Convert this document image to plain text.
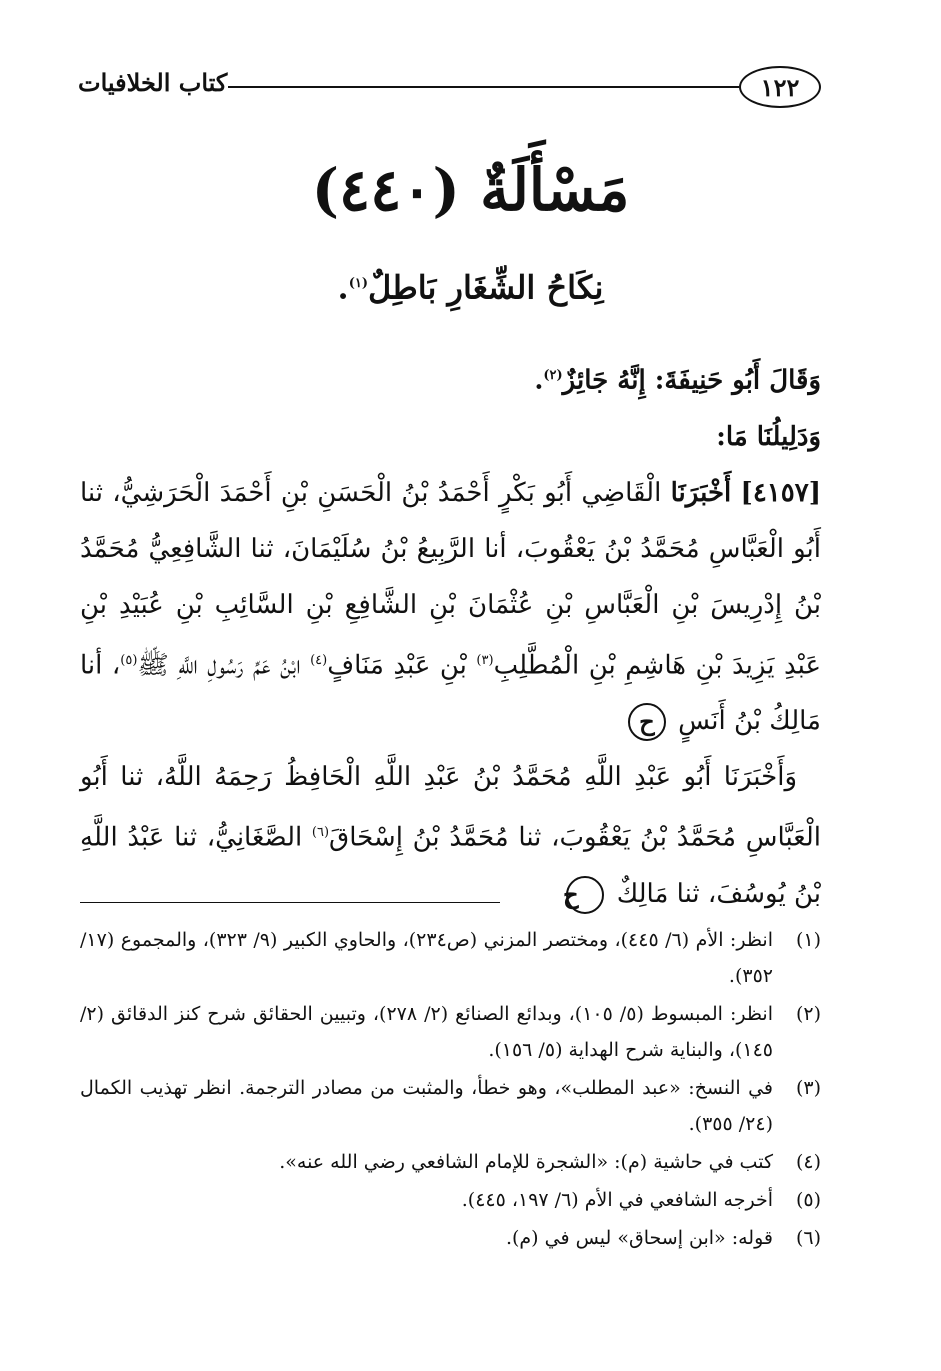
١٢٢
كتاب الخلافيات
مَسْأَلَةٌ (٤٤٠)
نِكَاحُ الشِّغَارِ بَاطِلٌ$^{(١)}$.

وَقَالَ أَبُو حَنِيفَةَ: إِنَّهُ جَائِزٌ$^{(٢)}$.

وَدَلِيلُنَا مَا:

[٤١٥٧] أَخْبَرَنَا الْقَاضِي أَبُو بَكْرٍ أَحْمَدُ بْنُ الْحَسَنِ بْنِ أَحْمَدَ الْحَرَشِيُّ، ثنا أَبُو الْعَبَّاسِ مُحَمَّدُ بْنُ يَعْقُوبَ، أنا الرَّبِيعُ بْنُ سُلَيْمَانَ، ثنا الشَّافِعِيُّ مُحَمَّدُ بْنُ إِدْرِيسَ بْنِ الْعَبَّاسِ بْنِ عُثْمَانَ بْنِ الشَّافِعِ بْنِ السَّائِبِ بْنِ عُبَيْدِ بْنِ عَبْدِ يَزِيدَ بْنِ هَاشِمِ بْنِ الْمُطَّلِبِ$^{(٣)}$ بْنِ عَبْدِ مَنَافٍ$^{(٤)}$ ابْنُ عَمِّ رَسُولِ اللَّهِ ﷺ$^{(٥)}$، أنا مَالِكُ بْنُ أَنَسٍ ح

وَأَخْبَرَنَا أَبُو عَبْدِ اللَّهِ مُحَمَّدُ بْنُ عَبْدِ اللَّهِ الْحَافِظُ رَحِمَهُ اللَّهُ، ثنا أَبُو الْعَبَّاسِ مُحَمَّدُ بْنُ يَعْقُوبَ، ثنا مُحَمَّدُ بْنُ إِسْحَاقَ$^{(٦)}$ الصَّغَانِيُّ، ثنا عَبْدُ اللَّهِ بْنُ يُوسُفَ، ثنا مَالِكٌ ح

(١)
انظر: الأم (٦/ ٤٤٥)، ومختصر المزني (ص٢٣٤)، والحاوي الكبير (٩/ ٣٢٣)، والمجموع (١٧/ ٣٥٢).
(٢)
انظر: المبسوط (٥/ ١٠٥)، وبدائع الصنائع (٢/ ٢٧٨)، وتبيين الحقائق شرح كنز الدقائق (٢/ ١٤٥)، والبناية شرح الهداية (٥/ ١٥٦).
(٣)
في النسخ: «عبد المطلب»، وهو خطأ، والمثبت من مصادر الترجمة. انظر تهذيب الكمال (٢٤/ ٣٥٥).
(٤)
كتب في حاشية (م): «الشجرة للإمام الشافعي رضي الله عنه».
(٥)
أخرجه الشافعي في الأم (٦/ ١٩٧، ٤٤٥).
(٦)
قوله: «ابن إسحاق» ليس في (م).
